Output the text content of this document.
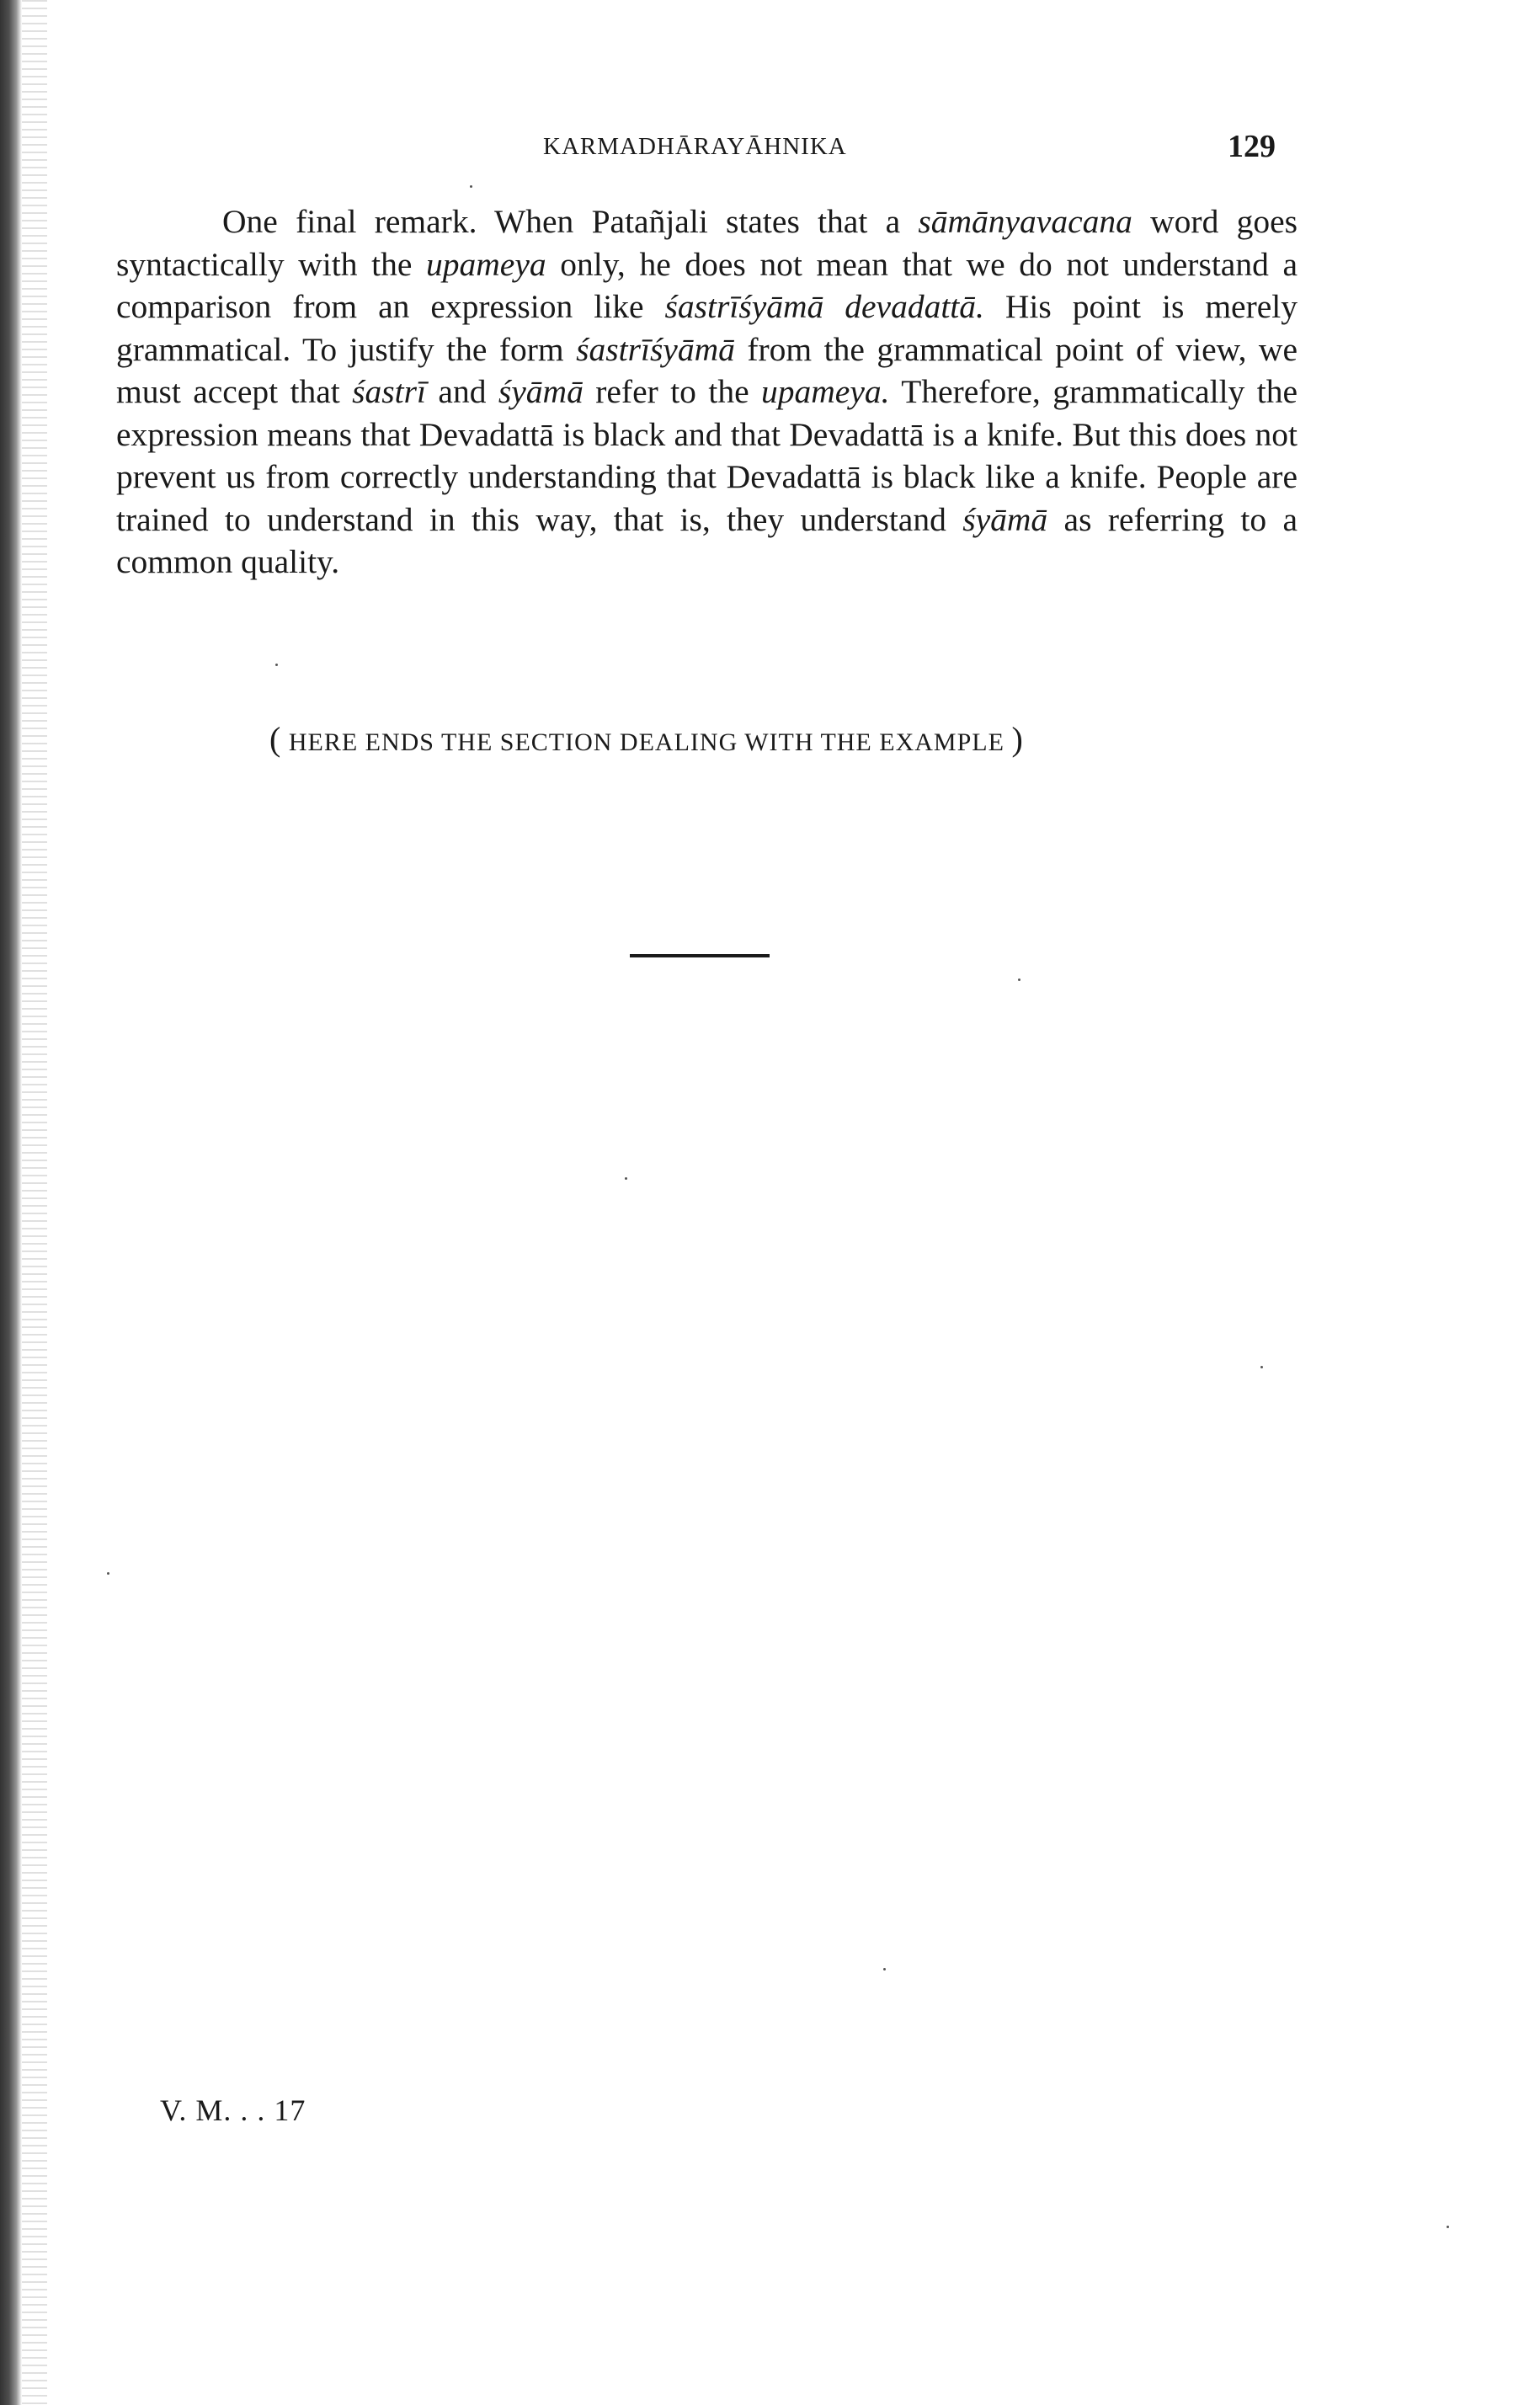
KARMADHĀRAYĀHNIKA	129

One final remark. When Patañjali states that a sāmānyavacana word goes syntactically with the upameya only, he does not mean that we do not understand a comparison from an expression like śastrīśyāmā devadattā. His point is merely grammatical. To justify the form śastrīśyāmā from the grammatical point of view, we must accept that śastrī and śyāmā refer to the upameya. Therefore, grammatically the expression means that Devadattā is black and that Devadattā is a knife. But this does not prevent us from correctly understanding that Devadattā is black like a knife. People are trained to understand in this way, that is, they understand śyāmā as referring to a common quality.

( HERE ENDS THE SECTION DEALING WITH THE EXAMPLE )
V. M. . . 17
